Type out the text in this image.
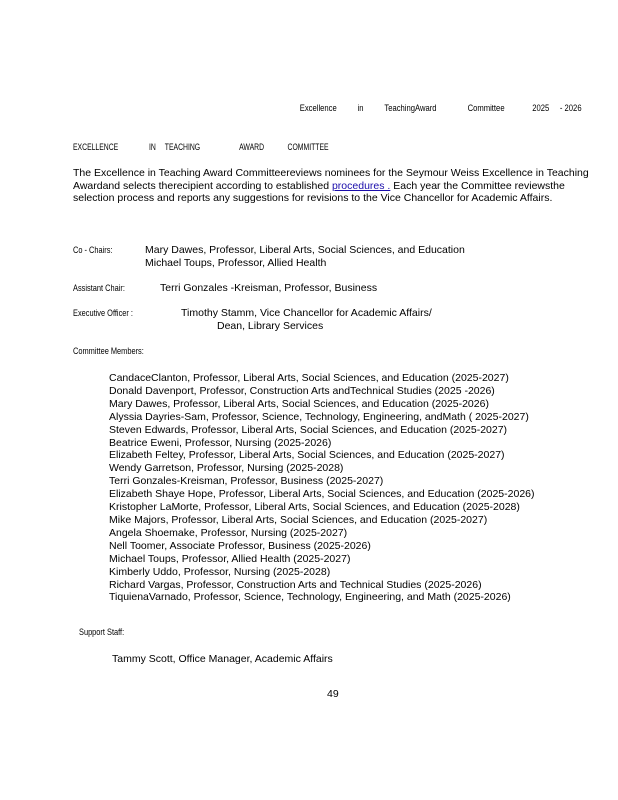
Excellence in TeachingAward	Committee	2025 - 2026
EXCELLENCE	IN TEACHING	AWARD COMMITTEE
The Excellence in Teaching Award Committeereviews nominees for the Seymour Weiss Excellence in Teaching Awardand selects therecipient according to established procedures . Each year the Committee reviewsthe selection process and reports any suggestions for revisions to the Vice Chancellor for Academic Affairs.
Co - Chairs:	Mary Dawes, Professor, Liberal Arts, Social Sciences, and Education
Michael Toups, Professor, Allied Health
Assistant Chair:	Terri Gonzales -Kreisman, Professor, Business
Executive Officer :	Timothy Stamm, Vice Chancellor for Academic Affairs/
Dean, Library Services
Committee Members:
CandaceClanton, Professor, Liberal Arts, Social Sciences, and Education (2025-2027)
Donald Davenport, Professor, Construction Arts andTechnical Studies (2025 -2026)
Mary Dawes, Professor, Liberal Arts, Social Sciences, and Education (2025-2026)
Alyssia Dayries-Sam, Professor, Science, Technology, Engineering, andMath ( 2025-2027)
Steven Edwards, Professor, Liberal Arts, Social Sciences, and Education (2025-2027)
Beatrice Eweni, Professor, Nursing (2025-2026)
Elizabeth Feltey, Professor, Liberal Arts, Social Sciences, and Education (2025-2027)
Wendy Garretson, Professor, Nursing (2025-2028)
Terri Gonzales-Kreisman, Professor, Business (2025-2027)
Elizabeth Shaye Hope, Professor, Liberal Arts, Social Sciences, and Education (2025-2026)
Kristopher LaMorte, Professor, Liberal Arts, Social Sciences, and Education (2025-2028)
Mike Majors, Professor, Liberal Arts, Social Sciences, and Education (2025-2027)
Angela Shoemake, Professor, Nursing (2025-2027)
Nell Toomer, Associate Professor, Business (2025-2026)
Michael Toups, Professor, Allied Health (2025-2027)
Kimberly Uddo, Professor, Nursing (2025-2028)
Richard Vargas, Professor, Construction Arts and Technical Studies (2025-2026)
TiquienaVarnado, Professor, Science, Technology, Engineering, and Math (2025-2026)
Support Staff:
Tammy Scott, Office Manager, Academic Affairs
49
